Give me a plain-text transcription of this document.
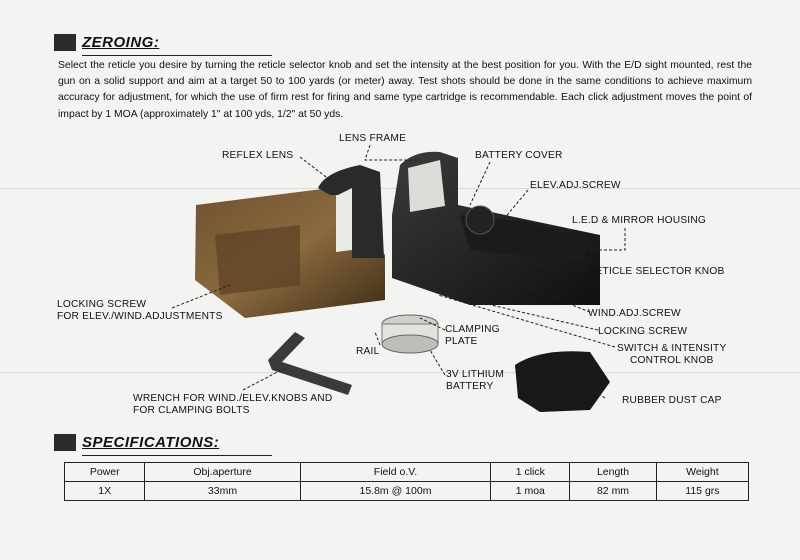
ZEROING:
Select the reticle you desire by turning the reticle selector knob and set the intensity at the best position for you. With the E/D sight mounted, rest the gun on a solid support and aim at a target 50 to 100 yards (or meter) away. Test shots should be done in the same conditions to achieve maximum accuracy for adjustment, for which the use of firm rest for firing and same type cartridge is recommendable. Each click adjustment moves the point of impact by 1 MOA (approximately 1" at 100 yds, 1/2" at 50 yds.
LENS FRAME
REFLEX LENS	BATTERY COVER
ELEV.ADJ.SCREW
L.E.D & MIRROR HOUSING
RETICLE SELECTOR KNOB
LOCKING SCREW
FOR ELEV./WIND.ADJUSTMENTS	WIND.ADJ.SCREW
LOCKING SCREW
SWITCH & INTENSITY
CONTROL KNOB
CLAMPING
PLATE
RAIL
3V LITHIUM
BATTERY
WRENCH FOR WIND./ELEV.KNOBS AND
FOR CLAMPING BOLTS
RUBBER DUST CAP
SPECIFICATIONS:
Power	Obj.aperture	Field o.V.	1 click	Length	Weight
1X	33mm	15.8m @ 100m	1 moa	82 mm	115 grs
